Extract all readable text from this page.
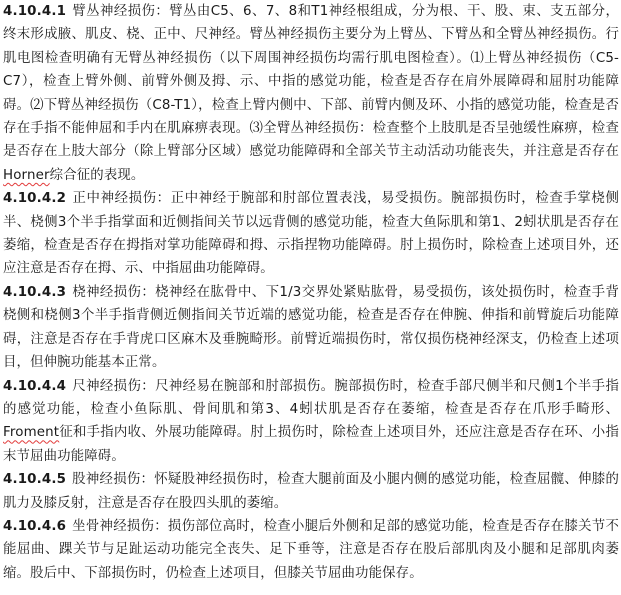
4.10.4.1 臂丛神经损伤：臂丛由C5、6、7、8和T1神经根组成，分为根、干、股、束、支五部分，终末形成腋、肌皮、桡、正中、尺神经。臂丛神经损伤主要分为上臂丛、下臂丛和全臂丛神经损伤。行肌电图检查明确有无臂丛神经损伤（以下周围神经损伤均需行肌电图检查）。⑴上臂丛神经损伤（C5-C7），检查上臂外侧、前臂外侧及拇、示、中指的感觉功能，检查是否存在肩外展障碍和屈肘功能障碍。⑵下臂丛神经损伤（C8-T1），检查上臂内侧中、下部、前臂内侧及环、小指的感觉功能，检查是否存在手指不能伸屈和手内在肌麻痹表现。⑶全臂丛神经损伤：检查整个上肢肌是否呈弛缓性麻痹，检查是否存在上肢大部分（除上臂部分区域）感觉功能障碍和全部关节主动活动功能丧失，并注意是否存在Horner综合征的表现。

4.10.4.2 正中神经损伤：正中神经于腕部和肘部位置表浅，易受损伤。腕部损伤时，检查手掌桡侧半、桡侧3个半手指掌面和近侧指间关节以远背侧的感觉功能，检查大鱼际肌和第1、2蚓状肌是否存在萎缩，检查是否存在拇指对掌功能障碍和拇、示指捏物功能障碍。肘上损伤时，除检查上述项目外，还应注意是否存在拇、示、中指屈曲功能障碍。

4.10.4.3 桡神经损伤：桡神经在肱骨中、下1/3交界处紧贴肱骨，易受损伤，该处损伤时，检查手背桡侧和桡侧3个半手指背侧近侧指间关节近端的感觉功能，检查是否存在伸腕、伸指和前臂旋后功能障碍，注意是否存在手背虎口区麻木及垂腕畸形。前臂近端损伤时，常仅损伤桡神经深支，仍检查上述项目，但伸腕功能基本正常。

4.10.4.4 尺神经损伤：尺神经易在腕部和肘部损伤。腕部损伤时，检查手部尺侧半和尺侧1个半手指的感觉功能，检查小鱼际肌、骨间肌和第3、4蚓状肌是否存在萎缩，检查是否存在爪形手畸形、Froment征和手指内收、外展功能障碍。肘上损伤时，除检查上述项目外，还应注意是否存在环、小指末节屈曲功能障碍。

4.10.4.5 股神经损伤：怀疑股神经损伤时，检查大腿前面及小腿内侧的感觉功能，检查屈髋、伸膝的肌力及膝反射，注意是否存在股四头肌的萎缩。

4.10.4.6 坐骨神经损伤：损伤部位高时，检查小腿后外侧和足部的感觉功能，检查是否存在膝关节不能屈曲、踝关节与足趾运动功能完全丧失、足下垂等，注意是否存在股后部肌肉及小腿和足部肌肉萎缩。股后中、下部损伤时，仍检查上述项目，但膝关节屈曲功能保存。
